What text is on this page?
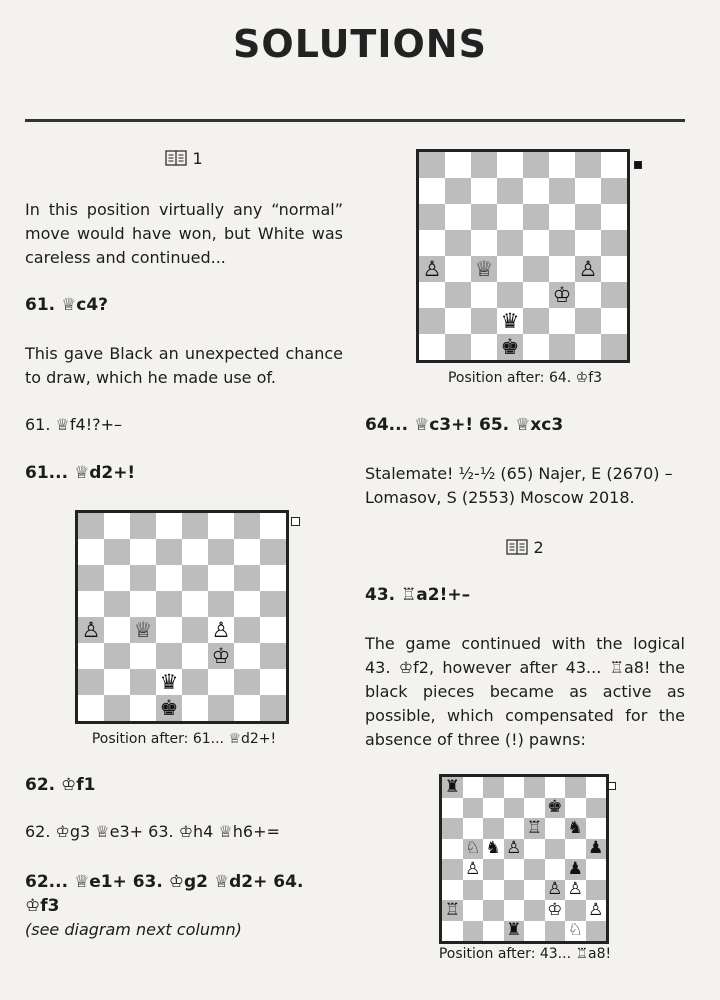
SOLUTIONS
1

In this position virtually any “normal” move would have won, but White was careless and continued...

61. ♕c4?

This gave Black an unexpected chance to draw, which he made use of.

61. ♕f4!?+–

61... ♕d2+!

♙ ♕	♙
♔
♛
♚
Position after: 61... ♕d2+!

62. ♔f1

62. ♔g3 ♕e3+ 63. ♔h4 ♕h6+=

62... ♕e1+ 63. ♔g2 ♕d2+ 64. ♔f3

(see diagram next column)

♙ ♕	♙
♔
♛
♚
Position after: 64. ♔f3

64... ♕c3+! 65. ♕xc3

Stalemate! ½-½ (65) Najer, E (2670) – Lomasov, S (2553) Moscow 2018.

2

43. ♖a2!+–

The game continued with the logical 43. ♔f2, however after 43... ♖a8! the black pieces became as active as possible, which compensated for the absence of three (!) pawns:

♜
♚
♖ ♞
♘ ♞ ♙	♟
♙	♟
♙ ♙
♖	♔ ♙
♜	♘
Position after: 43... ♖a8!
